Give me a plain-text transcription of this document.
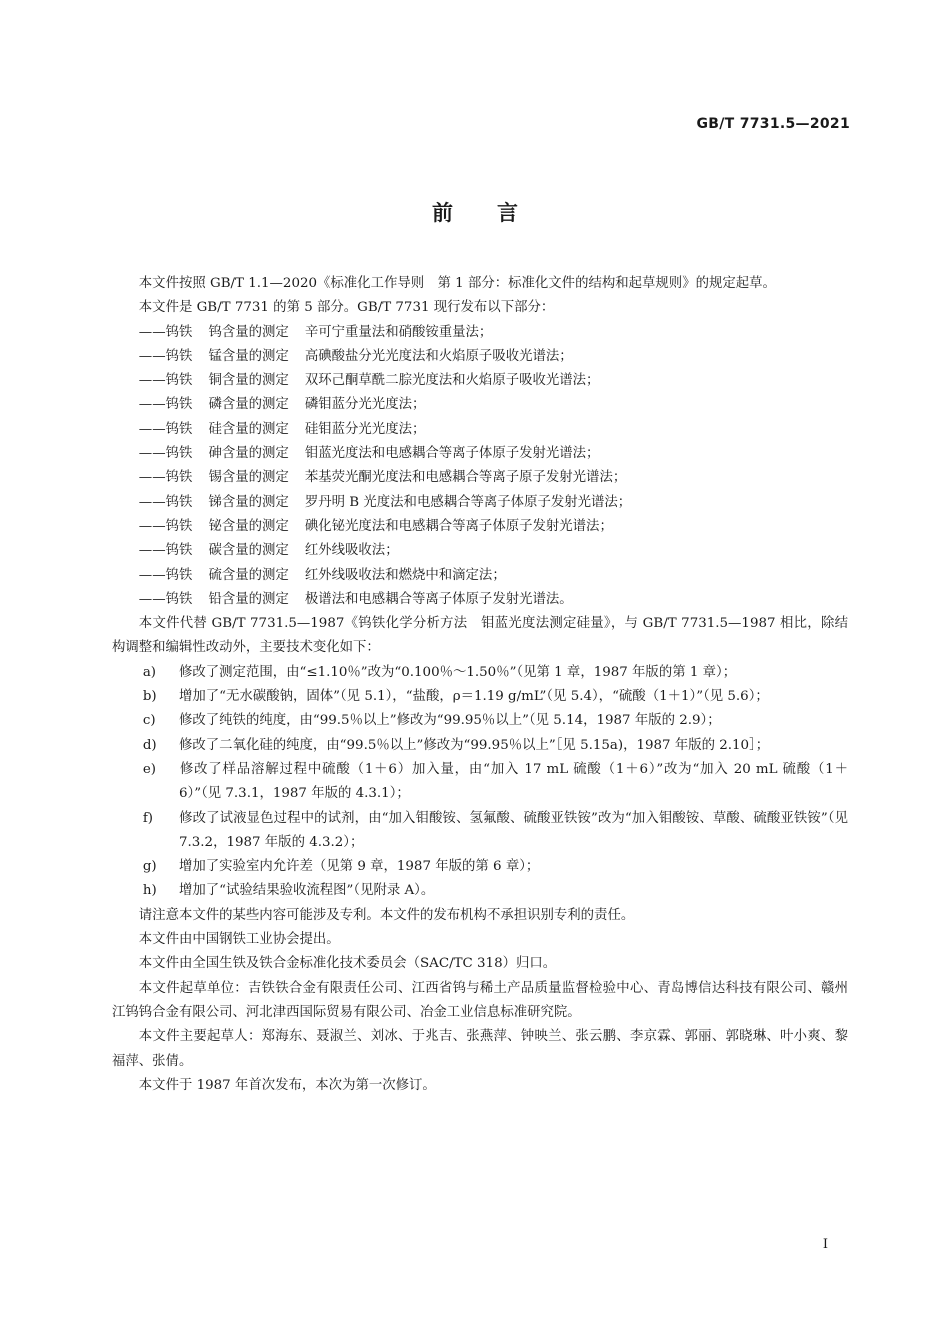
GB/T 7731.5—2021
前 言

本文件按照 GB/T 1.1—2020《标准化工作导则　第 1 部分：标准化文件的结构和起草规则》的规定起草。

本文件是 GB/T 7731 的第 5 部分。GB/T 7731 现行发布以下部分：

——钨铁 钨含量的测定 辛可宁重量法和硝酸铵重量法；

——钨铁 锰含量的测定 高碘酸盐分光光度法和火焰原子吸收光谱法；

——钨铁 铜含量的测定 双环己酮草酰二腙光度法和火焰原子吸收光谱法；

——钨铁 磷含量的测定 磷钼蓝分光光度法；

——钨铁 硅含量的测定 硅钼蓝分光光度法；

——钨铁 砷含量的测定 钼蓝光度法和电感耦合等离子体原子发射光谱法；

——钨铁 锡含量的测定 苯基荧光酮光度法和电感耦合等离子原子发射光谱法；

——钨铁 锑含量的测定 罗丹明 B 光度法和电感耦合等离子体原子发射光谱法；

——钨铁 铋含量的测定 碘化铋光度法和电感耦合等离子体原子发射光谱法；

——钨铁 碳含量的测定 红外线吸收法；

——钨铁 硫含量的测定 红外线吸收法和燃烧中和滴定法；

——钨铁 铅含量的测定 极谱法和电感耦合等离子体原子发射光谱法。

本文件代替 GB/T 7731.5—1987《钨铁化学分析方法　钼蓝光度法测定硅量》，与 GB/T 7731.5—1987 相比，除结构调整和编辑性改动外，主要技术变化如下：

a) 修改了测定范围，由“≤1.10％”改为“0.100％～1.50％”（见第 1 章，1987 年版的第 1 章）；

b) 增加了“无水碳酸钠，固体”（见 5.1），“盐酸，ρ＝1.19 g/mL”（见 5.4），“硫酸（1＋1）”（见 5.6）；

c) 修改了纯铁的纯度，由“99.5％以上”修改为“99.95％以上”（见 5.14，1987 年版的 2.9）；

d) 修改了二氧化硅的纯度，由“99.5％以上”修改为“99.95％以上”［见 5.15a)，1987 年版的 2.10］；

e) 修改了样品溶解过程中硫酸（1＋6）加入量，由“加入 17 mL 硫酸（1＋6）”改为“加入 20 mL 硫酸（1＋6）”（见 7.3.1，1987 年版的 4.3.1）；

f) 修改了试液显色过程中的试剂，由“加入钼酸铵、氢氟酸、硫酸亚铁铵”改为“加入钼酸铵、草酸、硫酸亚铁铵”（见 7.3.2，1987 年版的 4.3.2）；

g) 增加了实验室内允许差（见第 9 章，1987 年版的第 6 章）；

h) 增加了“试验结果验收流程图”（见附录 A）。

请注意本文件的某些内容可能涉及专利。本文件的发布机构不承担识别专利的责任。

本文件由中国钢铁工业协会提出。

本文件由全国生铁及铁合金标准化技术委员会（SAC/TC 318）归口。

本文件起草单位：吉铁铁合金有限责任公司、江西省钨与稀土产品质量监督检验中心、青岛博信达科技有限公司、赣州江钨钨合金有限公司、河北津西国际贸易有限公司、冶金工业信息标准研究院。

本文件主要起草人：郑海东、聂淑兰、刘冰、于兆吉、张燕萍、钟映兰、张云鹏、李京霖、郭丽、郭晓琳、叶小爽、黎福萍、张倩。

本文件于 1987 年首次发布，本次为第一次修订。

Ⅰ
